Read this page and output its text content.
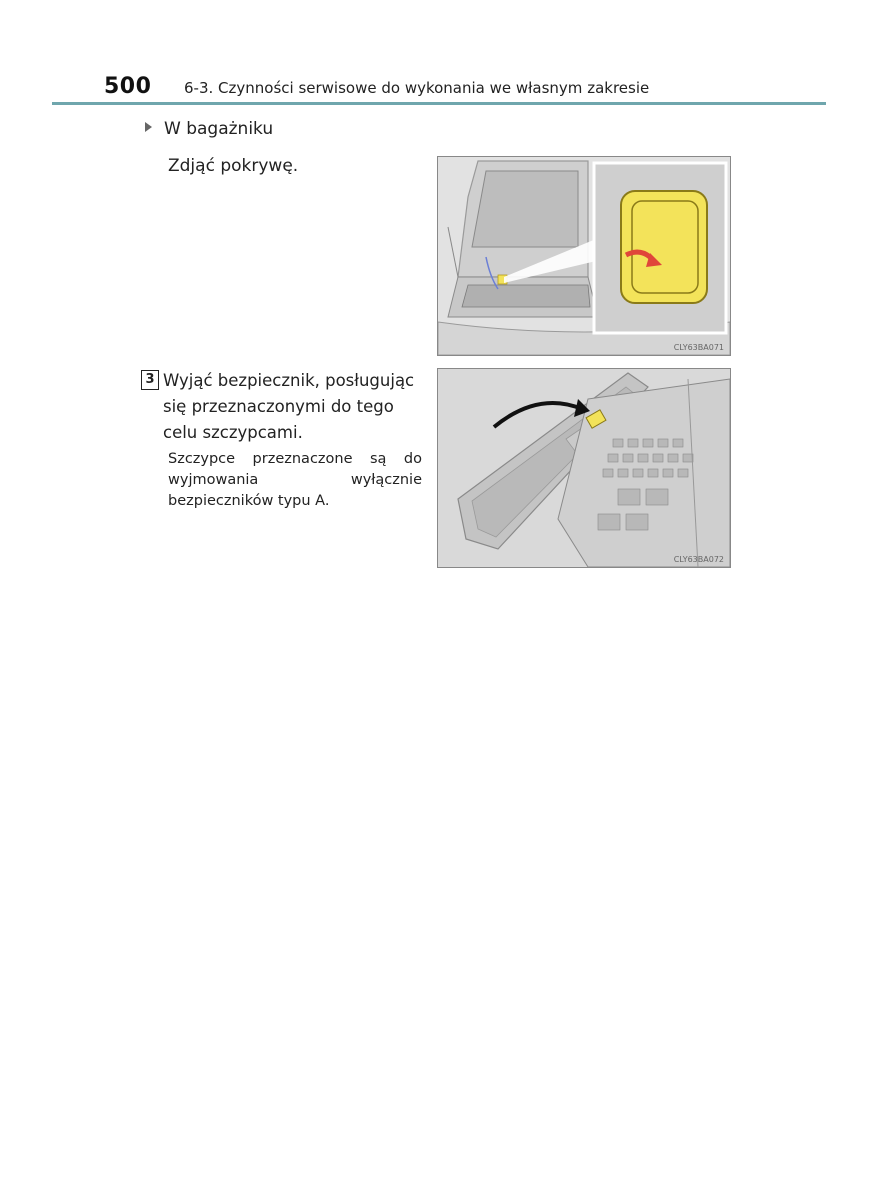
500 6-3. Czynności serwisowe do wykonania we własnym zakresie
W bagażniku
Zdjąć pokrywę.
3 Wyjąć bezpiecznik, posługując się przeznaczonymi do tego celu szczypcami.
Szczypce przeznaczone są do wyjmowania wyłącznie bezpieczników typu A.
CLY63BA071
CLY63BA072
